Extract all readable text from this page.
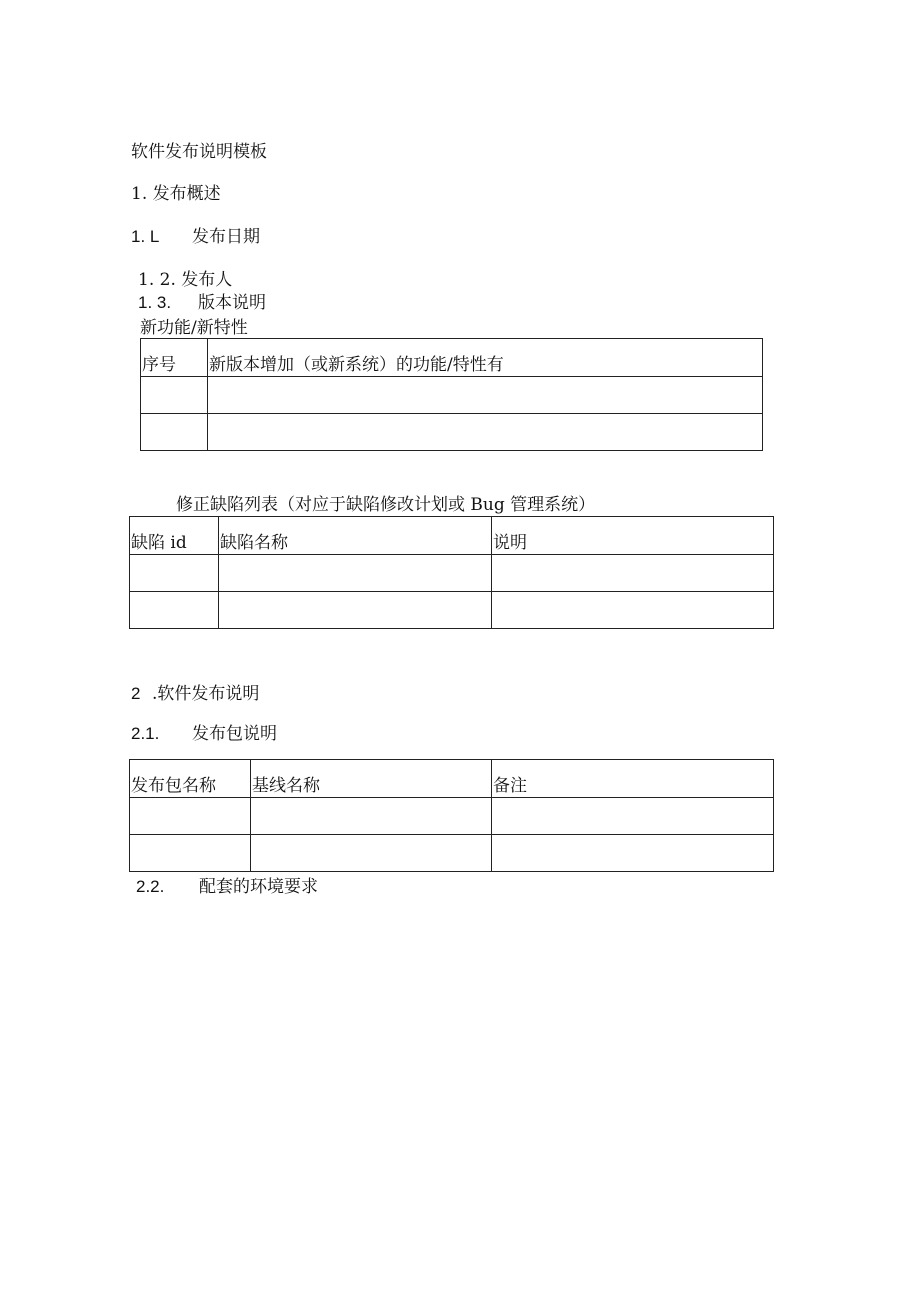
软件发布说明模板
1. 发布概述
1. L 发布日期
1. 2. 发布人
1. 3. 版本说明
新功能/新特性
序号	新版本增加（或新系统）的功能/特性有

修正缺陷列表（对应于缺陷修改计划或 Bug 管理系统）
缺陷 id	缺陷名称	说明

2 .软件发布说明
2.1. 发布包说明
发布包名称	基线名称	备注

2.2. 配套的环境要求
